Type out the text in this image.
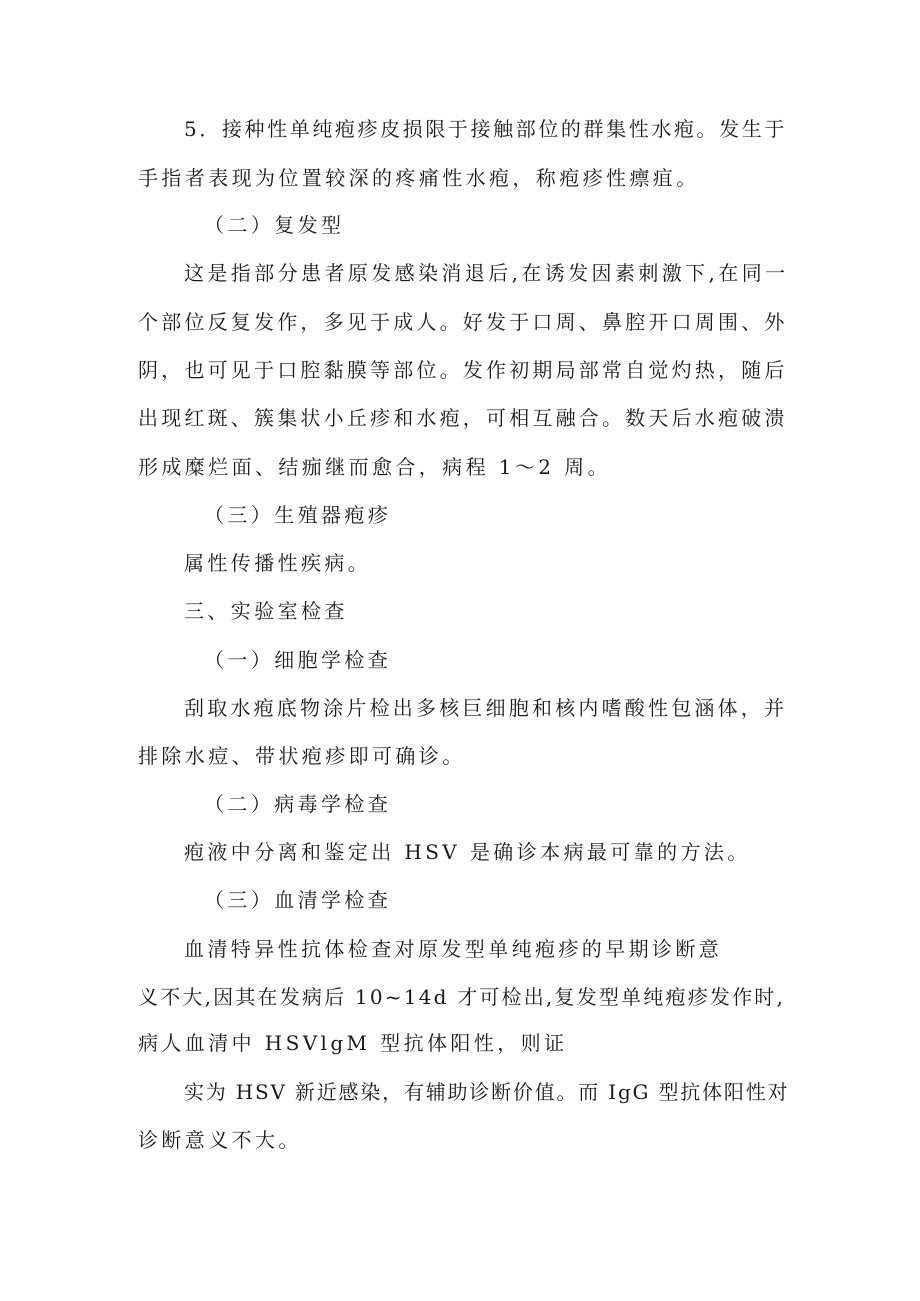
5．接种性单纯疱疹皮损限于接触部位的群集性水疱。发生于
手指者表现为位置较深的疼痛性水疱，称疱疹性瘭疽。
（二）复发型
这是指部分患者原发感染消退后,在诱发因素刺激下,在同一
个部位反复发作，多见于成人。好发于口周、鼻腔开口周围、外
阴，也可见于口腔黏膜等部位。发作初期局部常自觉灼热，随后
出现红斑、簇集状小丘疹和水疱，可相互融合。数天后水疱破溃
形成糜烂面、结痂继而愈合，病程 1～2 周。
（三）生殖器疱疹
属性传播性疾病。
三、实验室检查
（一）细胞学检查
刮取水疱底物涂片检出多核巨细胞和核内嗜酸性包涵体，并
排除水痘、带状疱疹即可确诊。
（二）病毒学检查
疱液中分离和鉴定出 HSV 是确诊本病最可靠的方法。
（三）血清学检查
血清特异性抗体检查对原发型单纯疱疹的早期诊断意
义不大,因其在发病后 10~14d 才可检出,复发型单纯疱疹发作时,
病人血清中 HSVlgM 型抗体阳性，则证
实为 HSV 新近感染，有辅助诊断价值。而 IgG 型抗体阳性对
诊断意义不大。
